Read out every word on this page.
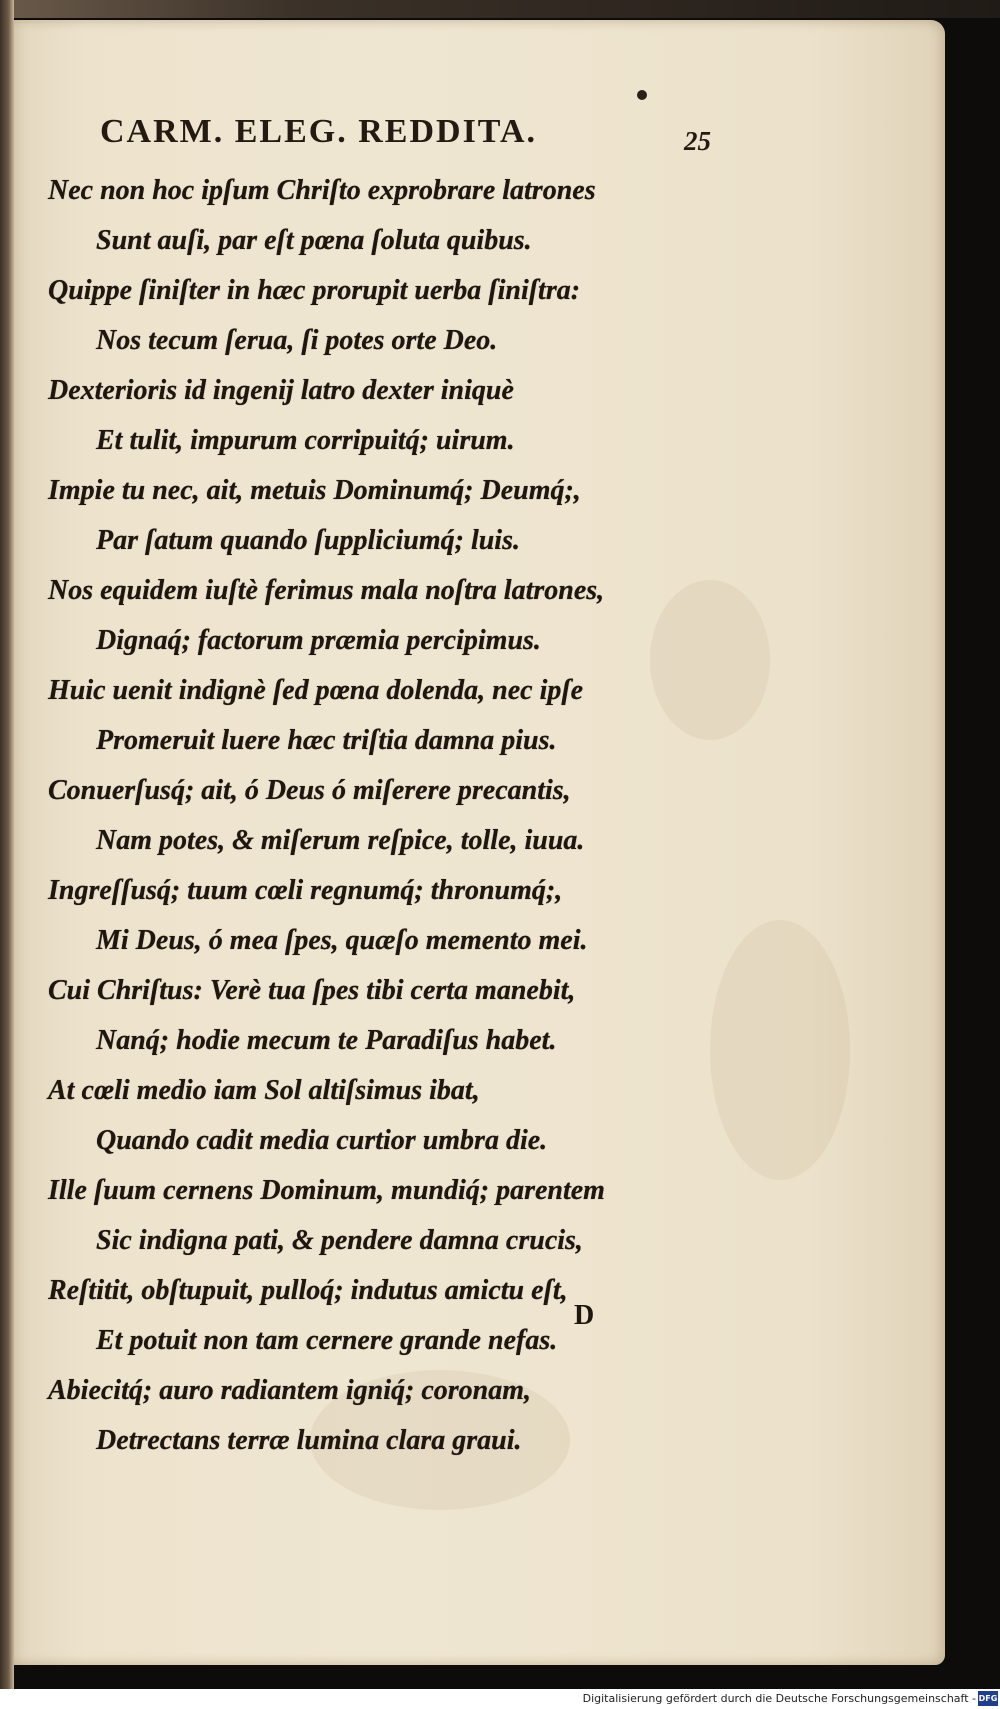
CARM. ELEG. REDDITA.	25
Nec non hoc ipſum Chriſto exprobrare latrones
Sunt auſi, par eſt pœna ſoluta quibus.
Quippe ſiniſter in hæc prorupit uerba ſiniſtra:
Nos tecum ſerua, ſi potes orte Deo.
Dexterioris id ingenij latro dexter iniquè
Et tulit, impurum corripuitq́; uirum.
Impie tu nec, ait, metuis Dominumq́; Deumq́;,
Par ſatum quando ſuppliciumq́; luis.
Nos equidem iuſtè ferimus mala noſtra latrones,
Dignaq́; factorum præmia percipimus.
Huic uenit indignè ſed pœna dolenda, nec ipſe
Promeruit luere hæc triſtia damna pius.
Conuerſusq́; ait, ó Deus ó miſerere precantis,
Nam potes, & miſerum reſpice, tolle, iuua.
Ingreſſusq́; tuum cœli regnumq́; thronumq́;,
Mi Deus, ó mea ſpes, quæſo memento mei.
Cui Chriſtus: Verè tua ſpes tibi certa manebit,
Nanq́; hodie mecum te Paradiſus habet.
At cœli medio iam Sol altiſsimus ibat,
Quando cadit media curtior umbra die.
Ille ſuum cernens Dominum, mundiq́; parentem
Sic indigna pati, & pendere damna crucis,
Reſtitit, obſtupuit, pulloq́; indutus amictu eſt,
Et potuit non tam cernere grande nefas.
Abiecitq́; auro radiantem igniq́; coronam,
Detrectans terræ lumina clara graui.
D
Digitalisierung gefördert durch die Deutsche Forschungsgemeinschaft - DFG
